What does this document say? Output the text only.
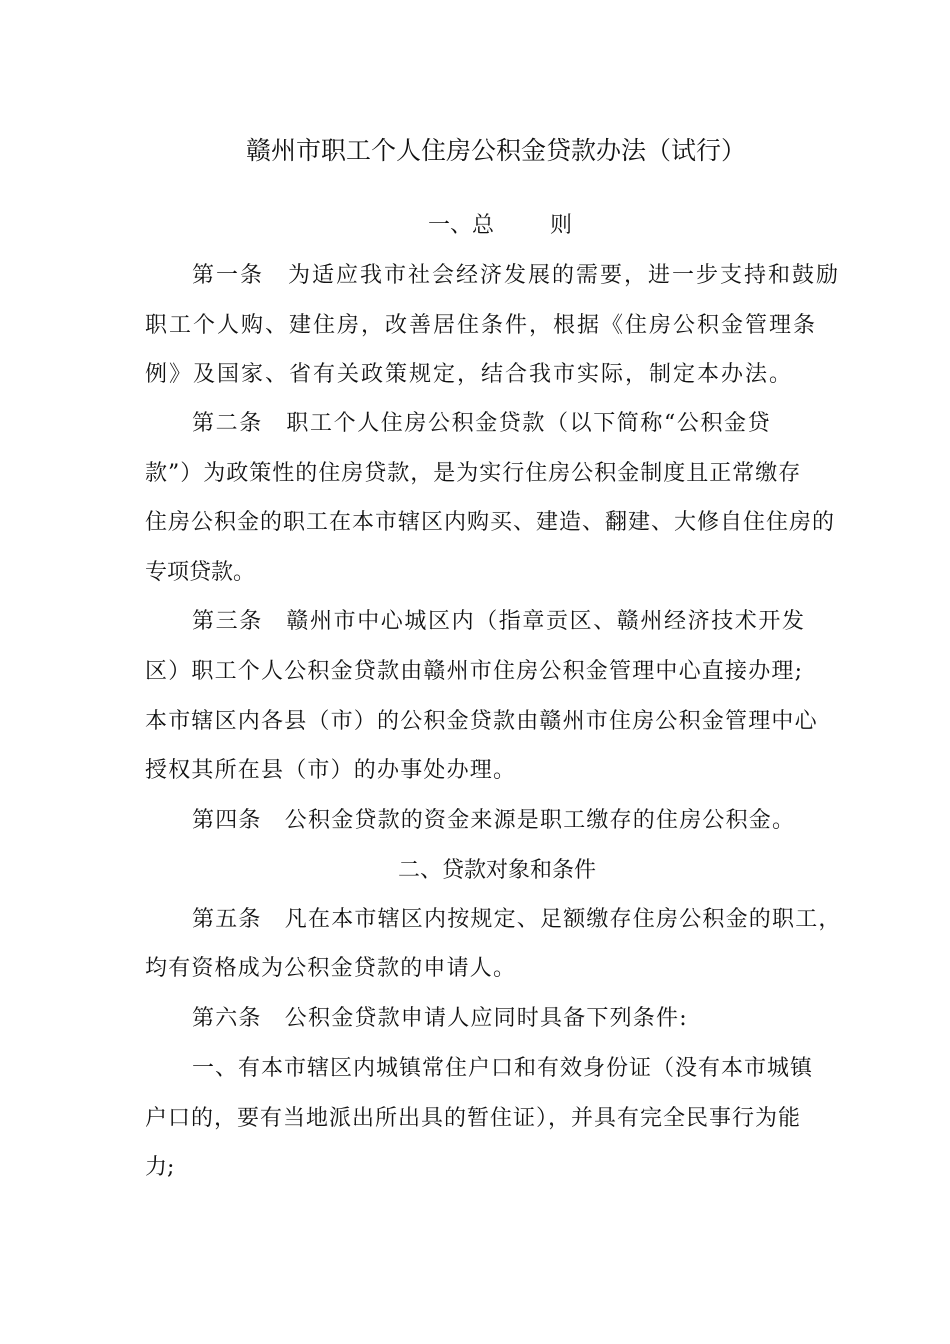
赣州市职工个人住房公积金贷款办法（试行）
一、总	则
第一条　为适应我市社会经济发展的需要，进一步支持和鼓励
职工个人购、建住房，改善居住条件，根据《住房公积金管理条
例》及国家、省有关政策规定，结合我市实际，制定本办法。
第二条　职工个人住房公积金贷款（以下简称“公积金贷
款”）为政策性的住房贷款，是为实行住房公积金制度且正常缴存
住房公积金的职工在本市辖区内购买、建造、翻建、大修自住住房的
专项贷款。
第三条　赣州市中心城区内（指章贡区、赣州经济技术开发
区）职工个人公积金贷款由赣州市住房公积金管理中心直接办理;
本市辖区内各县（市）的公积金贷款由赣州市住房公积金管理中心
授权其所在县（市）的办事处办理。
第四条　公积金贷款的资金来源是职工缴存的住房公积金。
二、贷款对象和条件
第五条　凡在本市辖区内按规定、足额缴存住房公积金的职工，
均有资格成为公积金贷款的申请人。
第六条　公积金贷款申请人应同时具备下列条件:
一、有本市辖区内城镇常住户口和有效身份证（没有本市城镇
户口的，要有当地派出所出具的暂住证），并具有完全民事行为能
力;
